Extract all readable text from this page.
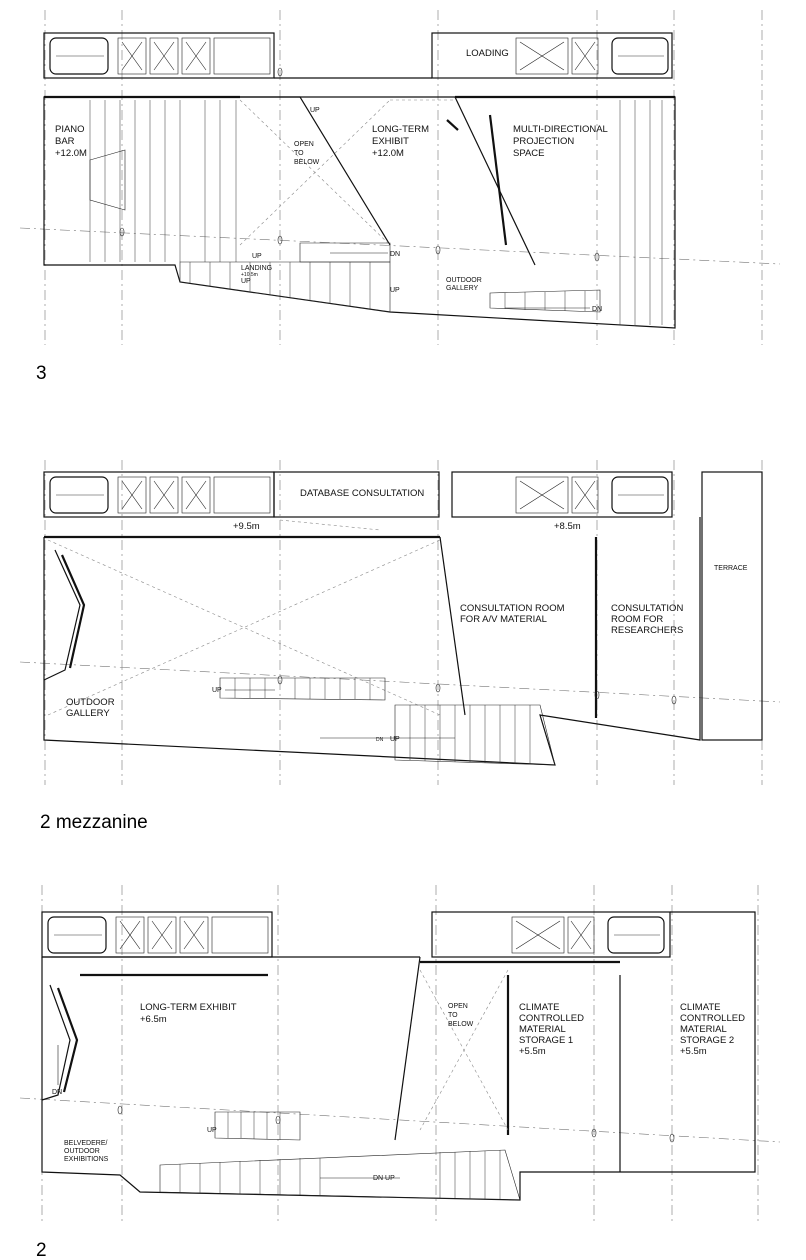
LOADING
PIANO
BAR
+12.0M
LONG-TERM
EXHIBIT
+12.0M
OPEN
TO
BELOW
MULTI-DIRECTIONAL
PROJECTION
SPACE
OUTDOOR
GALLERY
LANDING
+10.5m
UP
UP
UP
UP
DN
DN
3
DATABASE CONSULTATION
+9.5m	+8.5m
TERRACE
CONSULTATION ROOM
FOR A/V MATERIAL
CONSULTATION
ROOM FOR
RESEARCHERS
OUTDOOR
GALLERY
UP
DN UP
2 mezzanine
LONG-TERM EXHIBIT
+6.5m
OPEN
TO
BELOW
CLIMATE
CONTROLLED
MATERIAL
STORAGE 1
+5.5m
CLIMATE
CONTROLLED
MATERIAL
STORAGE 2
+5.5m
BELVEDERE/
OUTDOOR
EXHIBITIONS
DN
UP
DN UP
2
